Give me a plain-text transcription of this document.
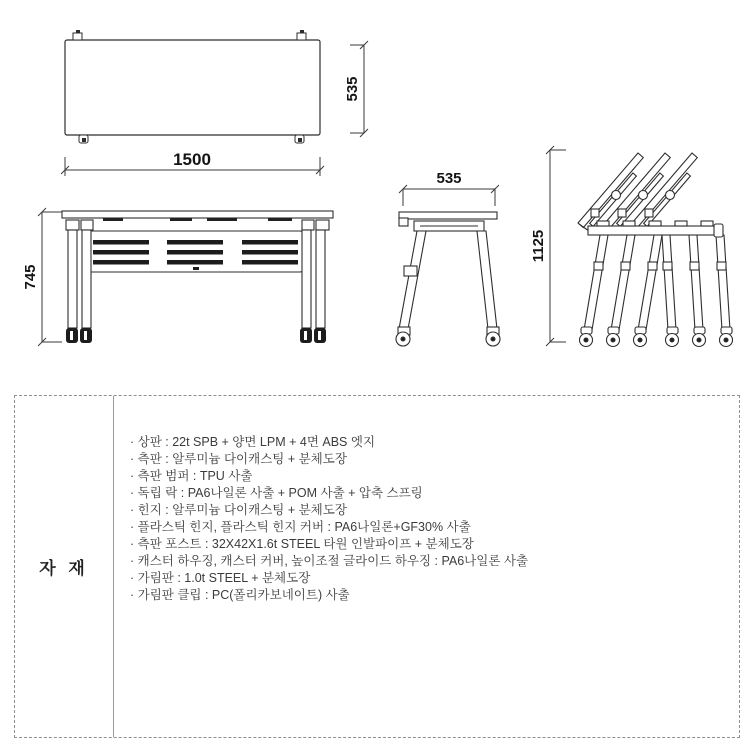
1500
535
745
535
1125
자 재
· 상판 : 22t SPB + 양면 LPM + 4면 ABS 엣지
· 측판 : 알루미늄 다이캐스팅 + 분체도장
· 측판 범퍼 : TPU 사출
· 독립 락 : PA6나일론 사출 + POM 사출 + 압축 스프링
· 힌지 : 알루미늄 다이캐스팅 + 분체도장
· 플라스틱 힌지, 플라스틱 힌지 커버 : PA6나일론+GF30% 사출
· 측판 포스트 : 32X42X1.6t STEEL 타원 인발파이프 + 분체도장
· 캐스터 하우징, 캐스터 커버, 높이조절 글라이드 하우징 : PA6나일론 사출
· 가림판 : 1.0t STEEL + 분체도장
· 가림판 클립 : PC(폴리카보네이트) 사출
